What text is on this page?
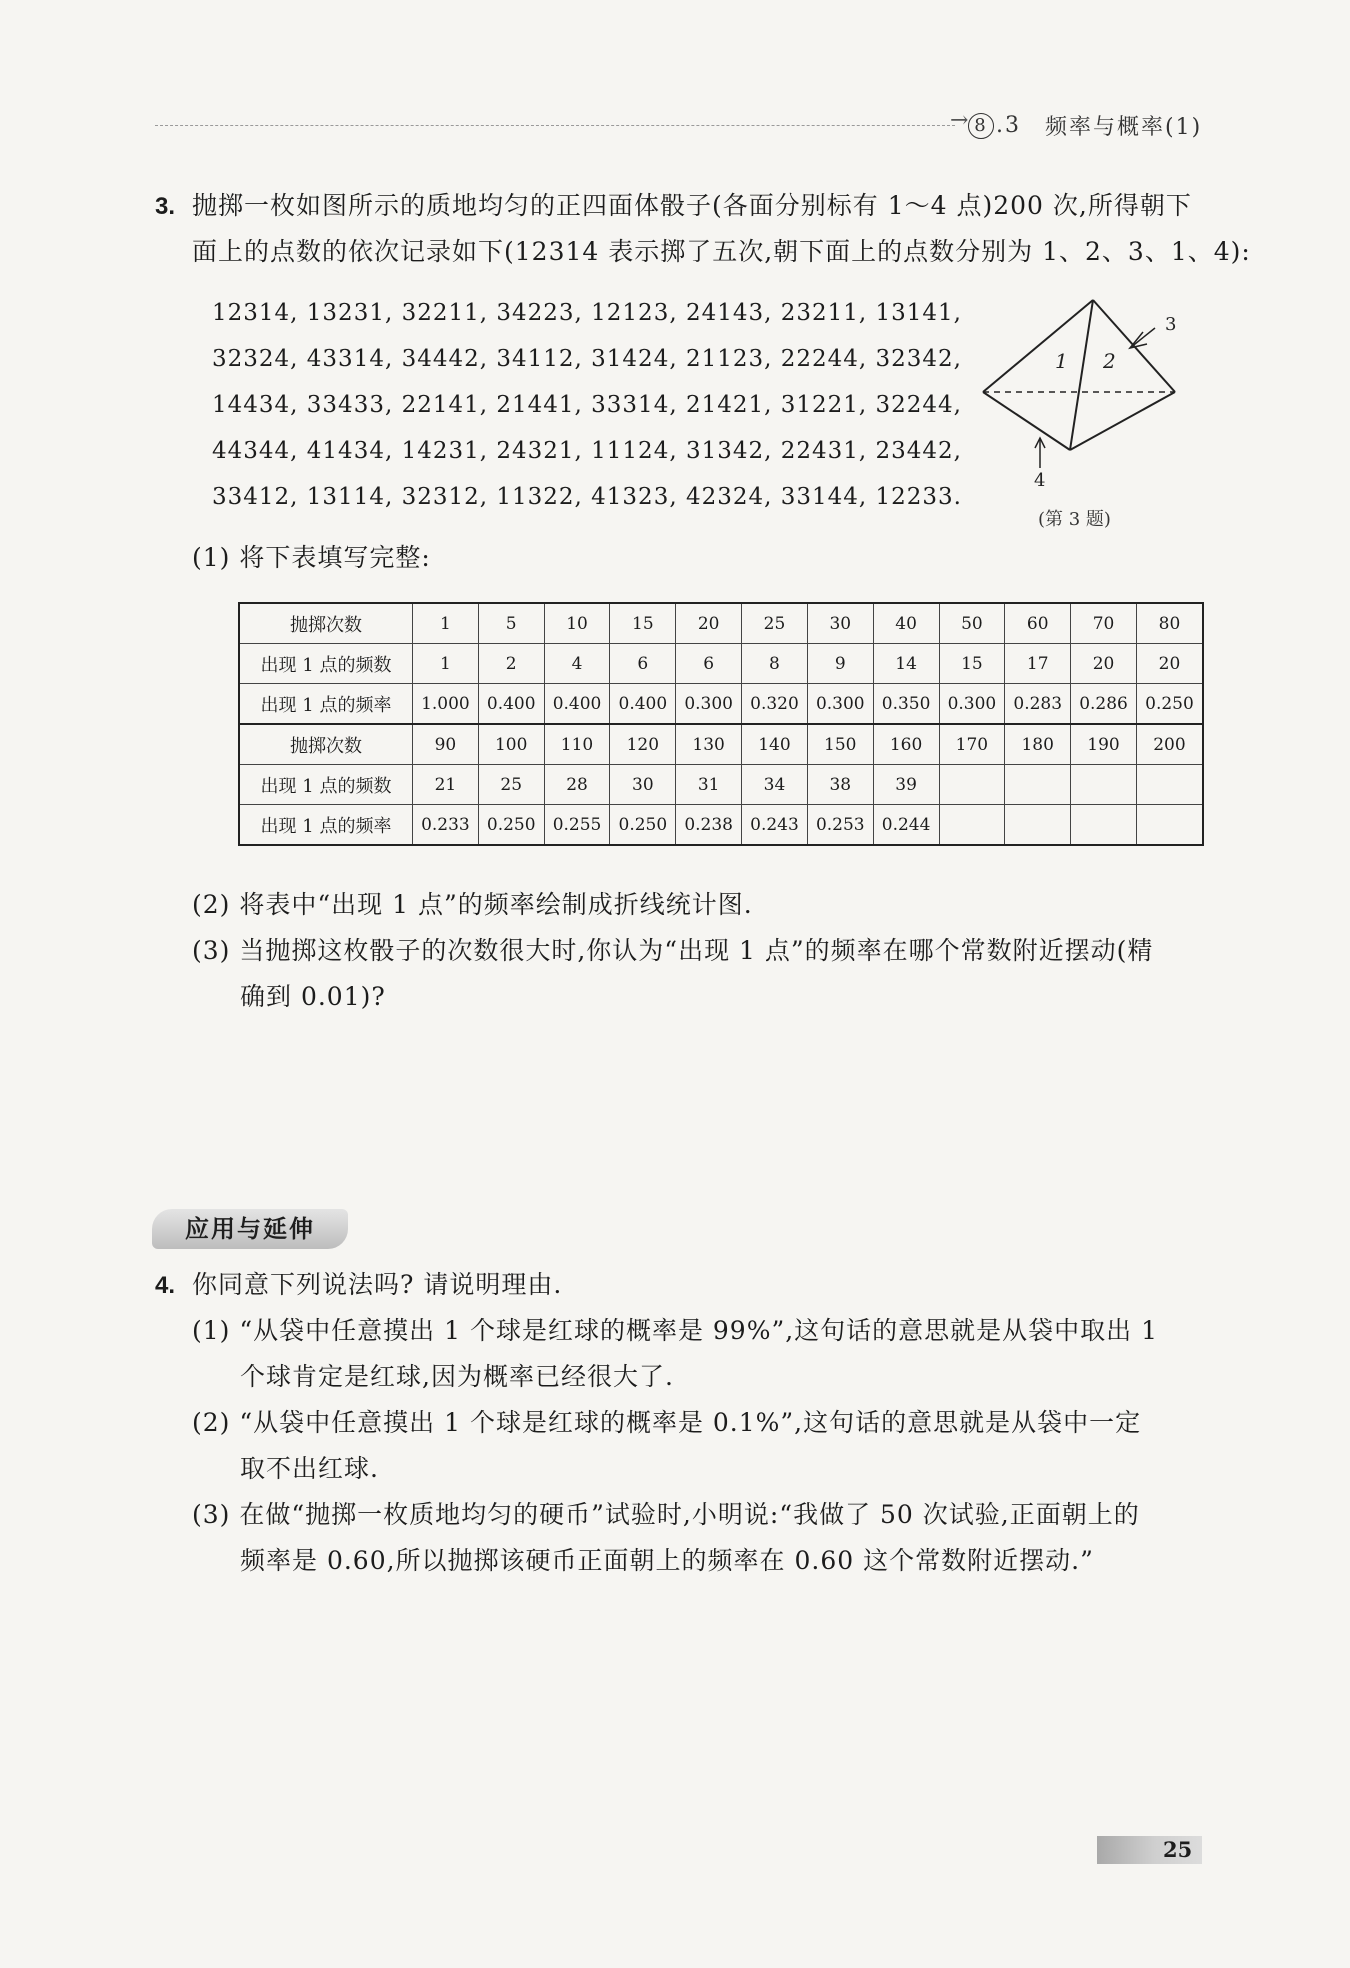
→ 8 .3 频率与概率(1)
3. 抛掷一枚如图所示的质地均匀的正四面体骰子(各面分别标有 1～4 点)200 次,所得朝下
面上的点数的依次记录如下(12314 表示掷了五次,朝下面上的点数分别为 1、2、3、1、4):
12314, 13231, 32211, 34223, 12123, 24143, 23211, 13141,
32324, 43314, 34442, 34112, 31424, 21123, 22244, 32342,
14434, 33433, 22141, 21441, 33314, 21421, 31221, 32244,
44344, 41434, 14231, 24321, 11124, 31342, 22431, 23442,
33412, 13114, 32312, 11322, 41323, 42324, 33144, 12233.
1 2
3
4
(第 3 题)
(1) 将下表填写完整:
抛掷次数	1	5	10	15	20	25	30	40	50	60	70	80
出现 1 点的频数	1	2	4	6	6	8	9	14	15	17	20	20
出现 1 点的频率	1.000	0.400	0.400	0.400	0.300	0.320	0.300	0.350	0.300	0.283	0.286	0.250
抛掷次数	90	100	110	120	130	140	150	160	170	180	190	200
出现 1 点的频数	21	25	28	30	31	34	38	39				
出现 1 点的频率	0.233	0.250	0.255	0.250	0.238	0.243	0.253	0.244				
(2) 将表中“出现 1 点”的频率绘制成折线统计图.
(3) 当抛掷这枚骰子的次数很大时,你认为“出现 1 点”的频率在哪个常数附近摆动(精
确到 0.01)?
应用与延伸
4. 你同意下列说法吗? 请说明理由.
(1) “从袋中任意摸出 1 个球是红球的概率是 99%”,这句话的意思就是从袋中取出 1
个球肯定是红球,因为概率已经很大了.
(2) “从袋中任意摸出 1 个球是红球的概率是 0.1%”,这句话的意思就是从袋中一定
取不出红球.
(3) 在做“抛掷一枚质地均匀的硬币”试验时,小明说:“我做了 50 次试验,正面朝上的
频率是 0.60,所以抛掷该硬币正面朝上的频率在 0.60 这个常数附近摆动.”
25
